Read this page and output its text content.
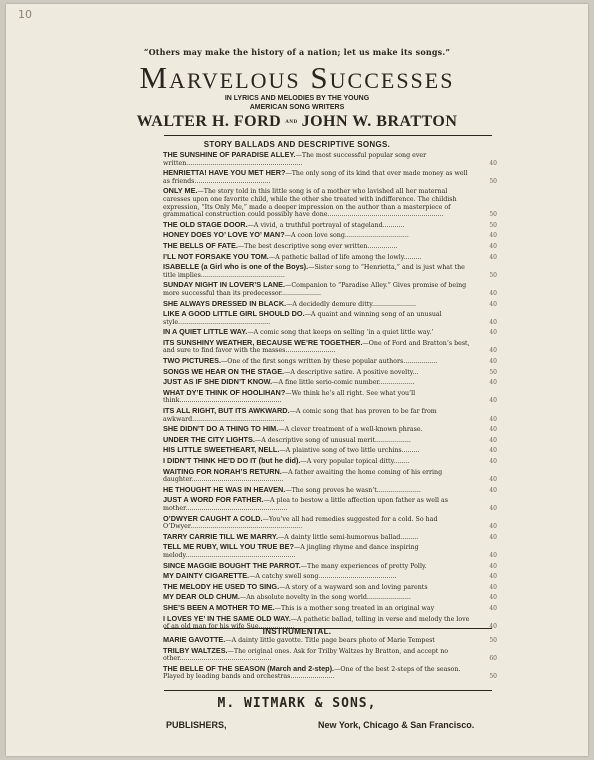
10
“Others may make the history of a nation; let us make its songs.”
Marvelous Successes
IN LYRICS AND MELODIES BY THE YOUNG
AMERICAN SONG WRITERS
WALTER H. FORD AND JOHN W. BRATTON
STORY BALLADS AND DESCRIPTIVE SONGS.
THE SUNSHINE OF PARADISE ALLEY.—The most successful popular song ever written..........................................................	40
HENRIETTA! HAVE YOU MET HER?—The only song of its kind that ever made money as well as friends......................................	50
ONLY ME.—The story told in this little song is of a mother who lavished all her maternal caresses upon one favorite child, while the other she treated with indifference. The childish expression, “Its Only Me,” made a deeper impression on the author than a masterpiece of grammatical construction could possibly have done..........................................................	50
THE OLD STAGE DOOR.—A vivid, a truthful portrayal of stageland...........	50
HONEY DOES YO’ LOVE YO’ MAN?—A coon love song................................	40
THE BELLS OF FATE.—The best descriptive song ever written...............	40
I’LL NOT FORSAKE YOU TOM.—A pathetic ballad of life among the lowly.........	40
ISABELLE (a Girl who is one of the Boys).—Sister song to “Henrietta,” and is just what the title implies..........................................	50
SUNDAY NIGHT IN LOVER’S LANE.—Companion to “Paradise Alley.” Gives promise of being more successful than its predecessor....................	40
SHE ALWAYS DRESSED IN BLACK.—A decidedly demure ditty......................	40
LIKE A GOOD LITTLE GIRL SHOULD DO.—A quaint and winning song of an unusual style..............................................	40
IN A QUIET LITTLE WAY.—A comic song that keeps on selling ‘in a quiet little way.’	40
ITS SUNSHINY WEATHER, BECAUSE WE’RE TOGETHER.—One of Ford and Bratton’s best, and sure to find favor with the masses.........................	40
TWO PICTURES.—One of the first songs written by these popular authors.................	40
SONGS WE HEAR ON THE STAGE.—A descriptive satire. A positive novelty...	50
JUST AS IF SHE DIDN’T KNOW.—A fine little serio-comic number..................	40
WHAT DY’E THINK OF HOOLIHAN?—We think he’s all right. See what you’ll think...................................................	40
ITS ALL RIGHT, BUT ITS AWKWARD.—A comic song that has proven to be far from awkward..............................................	40
SHE DIDN’T DO A THING TO HIM.—A clever treatment of a well-known phrase.	40
UNDER THE CITY LIGHTS.—A descriptive song of unusual merit..................	40
HIS LITTLE SWEETHEART, NELL.—A plaintive song of two little urchins.........	40
I DIDN’T THINK HE’D DO IT (but he did).—A very popular topical ditty........	40
WAITING FOR NORAH’S RETURN.—A father awaiting the home coming of his erring daughter..............................................	40
HE THOUGHT HE WAS IN HEAVEN.—The song proves he wasn’t......................	40
JUST A WORD FOR FATHER.—A plea to bestow a little affection upon father as well as mother...................................................	40
O’DWYER CAUGHT A COLD.—You’ve all had remedies suggested for a cold. So had O’Dwyer........................................................	40
TARRY CARRIE TILL WE MARRY.—A dainty little semi-humorous ballad.........	40
TELL ME RUBY, WILL YOU TRUE BE?—A jingling rhyme and dance inspiring melody.......................................................	40
SINCE MAGGIE BOUGHT THE PARROT.—The many experiences of pretty Polly.	40
MY DAINTY CIGARETTE.—A catchy swell song.......................................	40
THE MELODY HE USED TO SING.—A story of a wayward son and loving parents	40
MY DEAR OLD CHUM.—An absolute novelty in the song world......................	40
SHE’S BEEN A MOTHER TO ME.—This is a mother song treated in an original way	40
I LOVES YE’ IN THE SAME OLD WAY.—A pathetic ballad, telling in verse and melody the love of an old man for his wife Sue..................	40
INSTRUMENTAL.
MARIE GAVOTTE.—A dainty little gavotte. Title page bears photo of Marie Tempest	50
TRILBY WALTZES.—The original ones. Ask for Trilby Waltzes by Bratton, and accept no other..............................................	60
THE BELLE OF THE SEASON (March and 2-step).—One of the best 2-steps of the season. Played by leading bands and orchestras......................	50
M. WITMARK & SONS,
PUBLISHERS,	New York, Chicago & San Francisco.
